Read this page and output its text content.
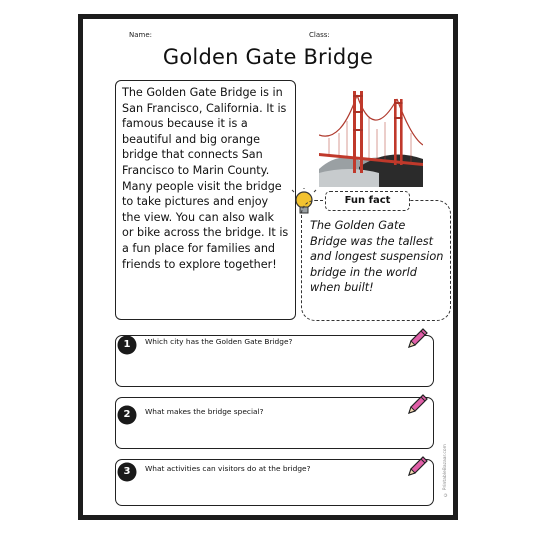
Name:	Class:
Golden Gate Bridge
The Golden Gate Bridge is in San Francisco, California. It is famous because it is a beautiful and big orange bridge that connects San Francisco to Marin County. Many people visit the bridge to take pictures and enjoy the view. You can also walk or bike across the bridge. It is a fun place for families and friends to explore together!
Fun fact
The Golden Gate Bridge was the tallest and longest suspension bridge in the world when built!
1	Which city has the Golden Gate Bridge?
2	What makes the bridge special?
3	What activities can visitors do at the bridge?	© PrintableBazaar.com
